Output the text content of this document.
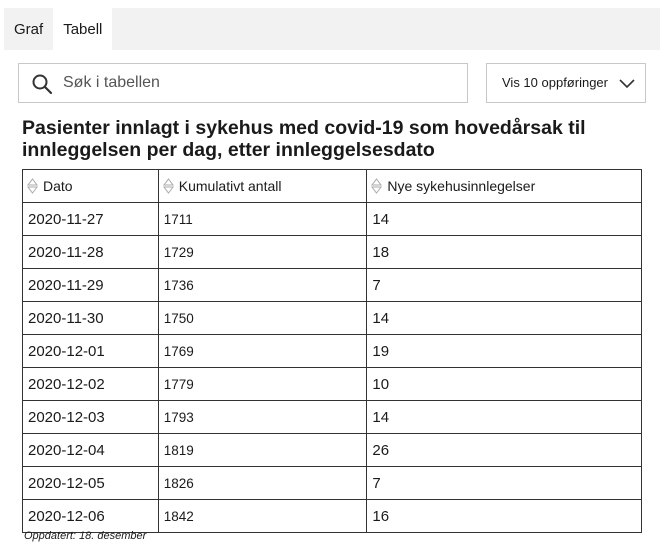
Graf	Tabell
Søk i tabellen
Vis 10 oppføringer
Pasienter innlagt i sykehus med covid-19 som hovedårsak til innleggelsen per dag, etter innleggelsesdato
Dato	Kumulativt antall	Nye sykehusinnlegelser
2020-11-27	1711	14
2020-11-28	1729	18
2020-11-29	1736	7
2020-11-30	1750	14
2020-12-01	1769	19
2020-12-02	1779	10
2020-12-03	1793	14
2020-12-04	1819	26
2020-12-05	1826	7
2020-12-06	1842	16
Oppdatert: 18. desember
